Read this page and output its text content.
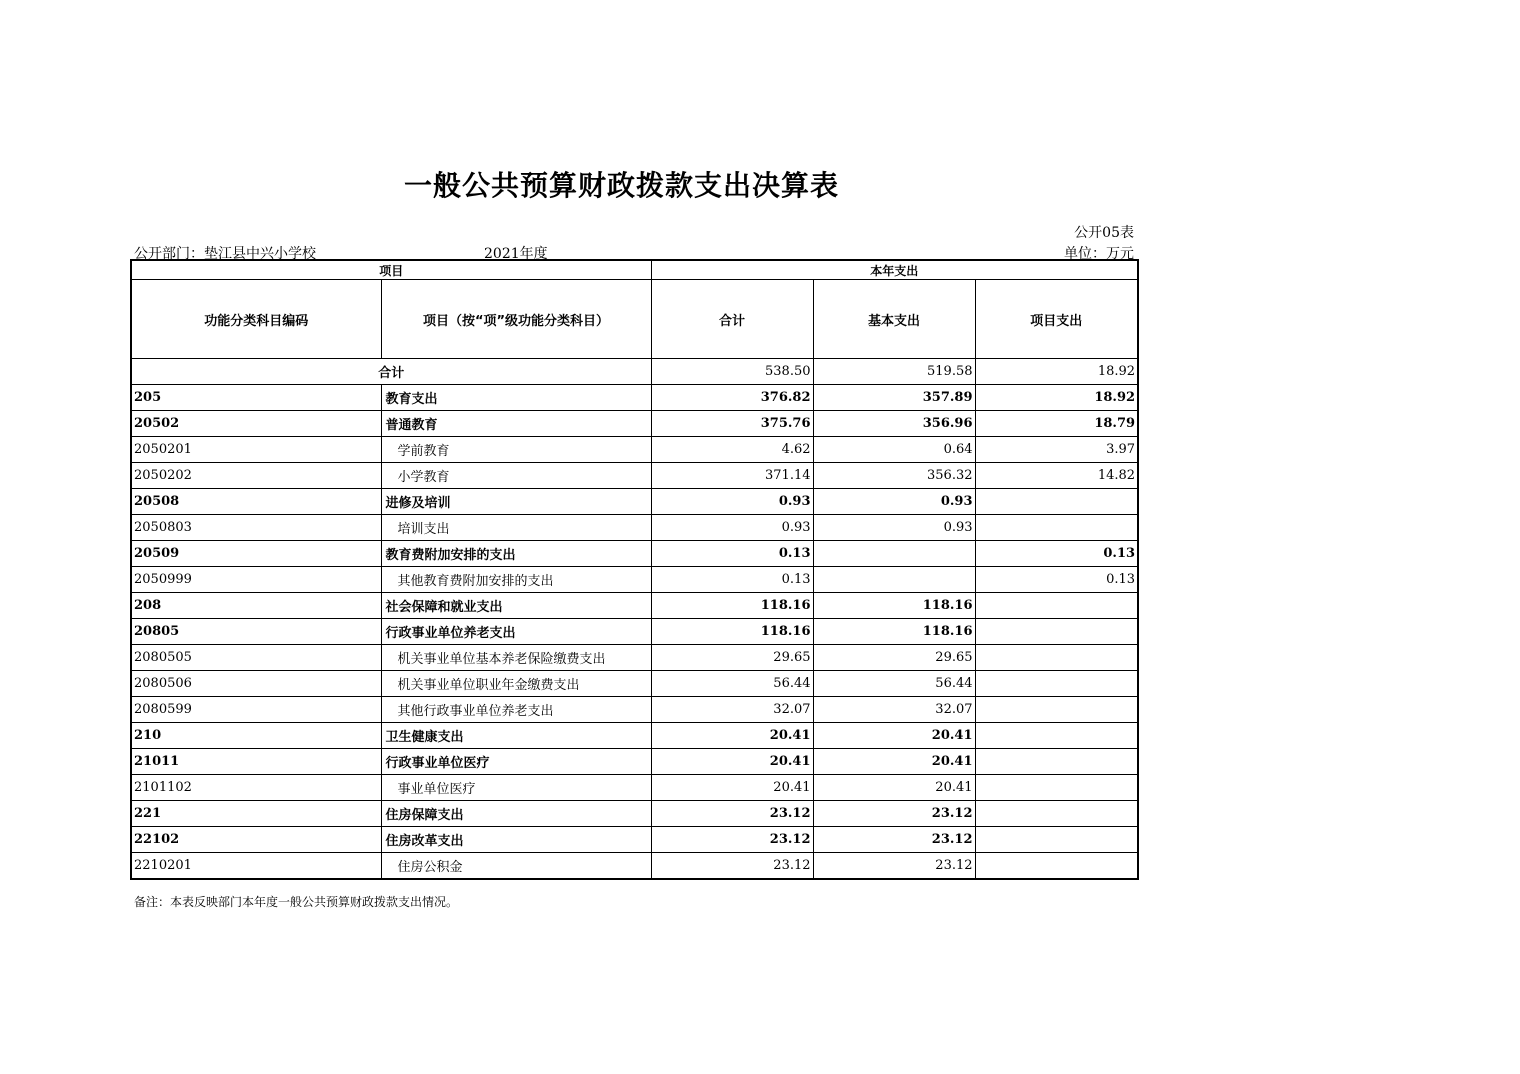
一般公共预算财政拨款支出决算表
公开05表
公开部门：垫江县中兴小学校	2021年度	单位：万元
项目		本年支出		
功能分类科目编码	项目（按“项”级功能分类科目）	合计	基本支出	项目支出
合计		538.50	519.58	18.92
205	教育支出	376.82	357.89	18.92
20502	普通教育	375.76	356.96	18.79
2050201	学前教育	4.62	0.64	3.97
2050202	小学教育	371.14	356.32	14.82
20508	进修及培训	0.93	0.93	
2050803	培训支出	0.93	0.93	
20509	教育费附加安排的支出	0.13		0.13
2050999	其他教育费附加安排的支出	0.13		0.13
208	社会保障和就业支出	118.16	118.16	
20805	行政事业单位养老支出	118.16	118.16	
2080505	机关事业单位基本养老保险缴费支出	29.65	29.65	
2080506	机关事业单位职业年金缴费支出	56.44	56.44	
2080599	其他行政事业单位养老支出	32.07	32.07	
210	卫生健康支出	20.41	20.41	
21011	行政事业单位医疗	20.41	20.41	
2101102	事业单位医疗	20.41	20.41	
221	住房保障支出	23.12	23.12	
22102	住房改革支出	23.12	23.12	
2210201	住房公积金	23.12	23.12	
备注：本表反映部门本年度一般公共预算财政拨款支出情况。
